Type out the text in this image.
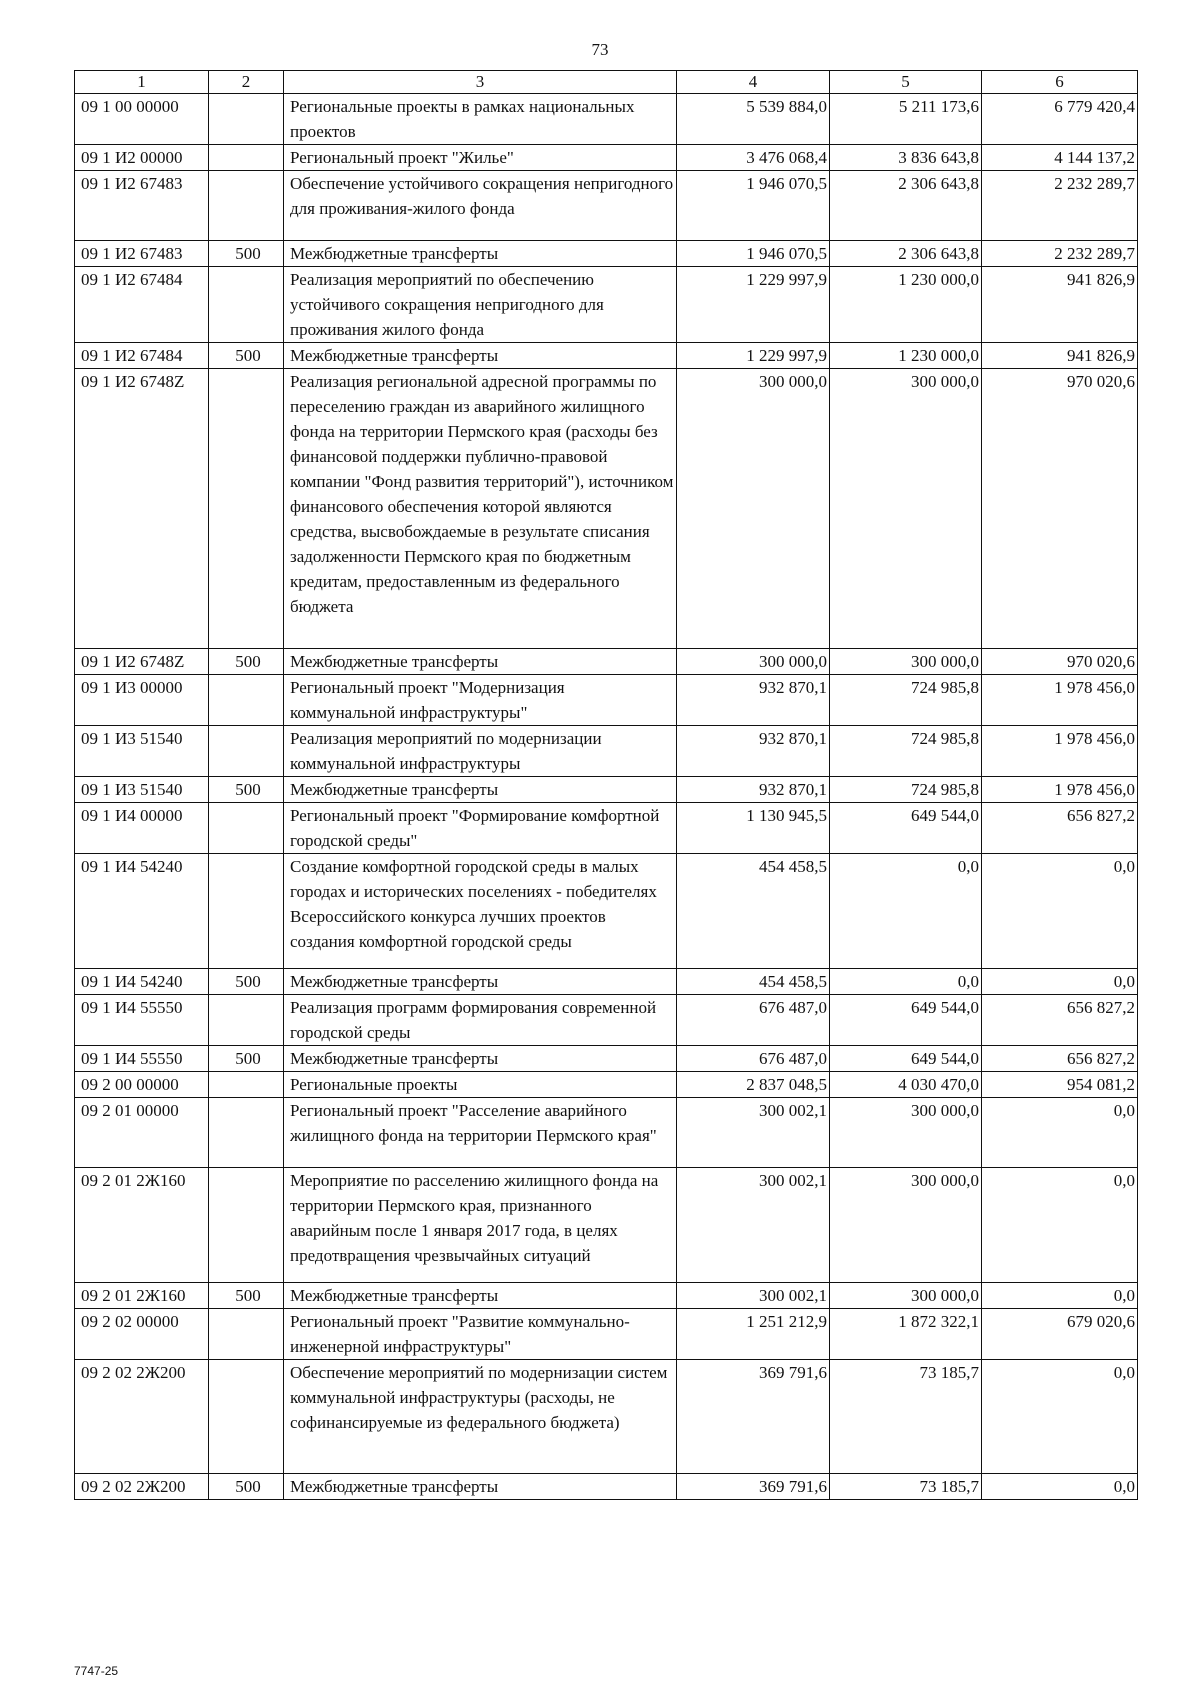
73
1	2	3	4	5	6
09 1 00 00000		Региональные проекты в рамках национальных проектов	5 539 884,0	5 211 173,6	6 779 420,4
09 1 И2 00000		Региональный проект "Жилье"	3 476 068,4	3 836 643,8	4 144 137,2
09 1 И2 67483		Обеспечение устойчивого сокращения непригодного для проживания-жилого фонда	1 946 070,5	2 306 643,8	2 232 289,7
09 1 И2 67483	500	Межбюджетные трансферты	1 946 070,5	2 306 643,8	2 232 289,7
09 1 И2 67484		Реализация мероприятий по обеспечению устойчивого сокращения непригодного для проживания жилого фонда	1 229 997,9	1 230 000,0	941 826,9
09 1 И2 67484	500	Межбюджетные трансферты	1 229 997,9	1 230 000,0	941 826,9
09 1 И2 6748Z		Реализация региональной адресной программы по переселению граждан из аварийного жилищного фонда на территории Пермского края (расходы без финансовой поддержки публично-правовой компании "Фонд развития территорий"), источником финансового обеспечения которой являются средства, высвобождаемые в результате списания задолженности Пермского края по бюджетным кредитам, предоставленным из федерального бюджета	300 000,0	300 000,0	970 020,6
09 1 И2 6748Z	500	Межбюджетные трансферты	300 000,0	300 000,0	970 020,6
09 1 И3 00000		Региональный проект "Модернизация коммунальной инфраструктуры"	932 870,1	724 985,8	1 978 456,0
09 1 И3 51540		Реализация мероприятий по модернизации коммунальной инфраструктуры	932 870,1	724 985,8	1 978 456,0
09 1 И3 51540	500	Межбюджетные трансферты	932 870,1	724 985,8	1 978 456,0
09 1 И4 00000		Региональный проект "Формирование комфортной городской среды"	1 130 945,5	649 544,0	656 827,2
09 1 И4 54240		Создание комфортной городской среды в малых городах и исторических поселениях - победителях Всероссийского конкурса лучших проектов создания комфортной городской среды	454 458,5	0,0	0,0
09 1 И4 54240	500	Межбюджетные трансферты	454 458,5	0,0	0,0
09 1 И4 55550		Реализация программ формирования современной городской среды	676 487,0	649 544,0	656 827,2
09 1 И4 55550	500	Межбюджетные трансферты	676 487,0	649 544,0	656 827,2
09 2 00 00000		Региональные проекты	2 837 048,5	4 030 470,0	954 081,2
09 2 01 00000		Региональный проект "Расселение аварийного жилищного фонда на территории Пермского края"	300 002,1	300 000,0	0,0
09 2 01 2Ж160		Мероприятие по расселению жилищного фонда на территории Пермского края, признанного аварийным после 1 января 2017 года, в целях предотвращения чрезвычайных ситуаций	300 002,1	300 000,0	0,0
09 2 01 2Ж160	500	Межбюджетные трансферты	300 002,1	300 000,0	0,0
09 2 02 00000		Региональный проект "Развитие коммунально-инженерной инфраструктуры"	1 251 212,9	1 872 322,1	679 020,6
09 2 02 2Ж200		Обеспечение мероприятий по модернизации систем коммунальной инфраструктуры (расходы, не софинансируемые из федерального бюджета)	369 791,6	73 185,7	0,0
09 2 02 2Ж200	500	Межбюджетные трансферты	369 791,6	73 185,7	0,0
7747-25
